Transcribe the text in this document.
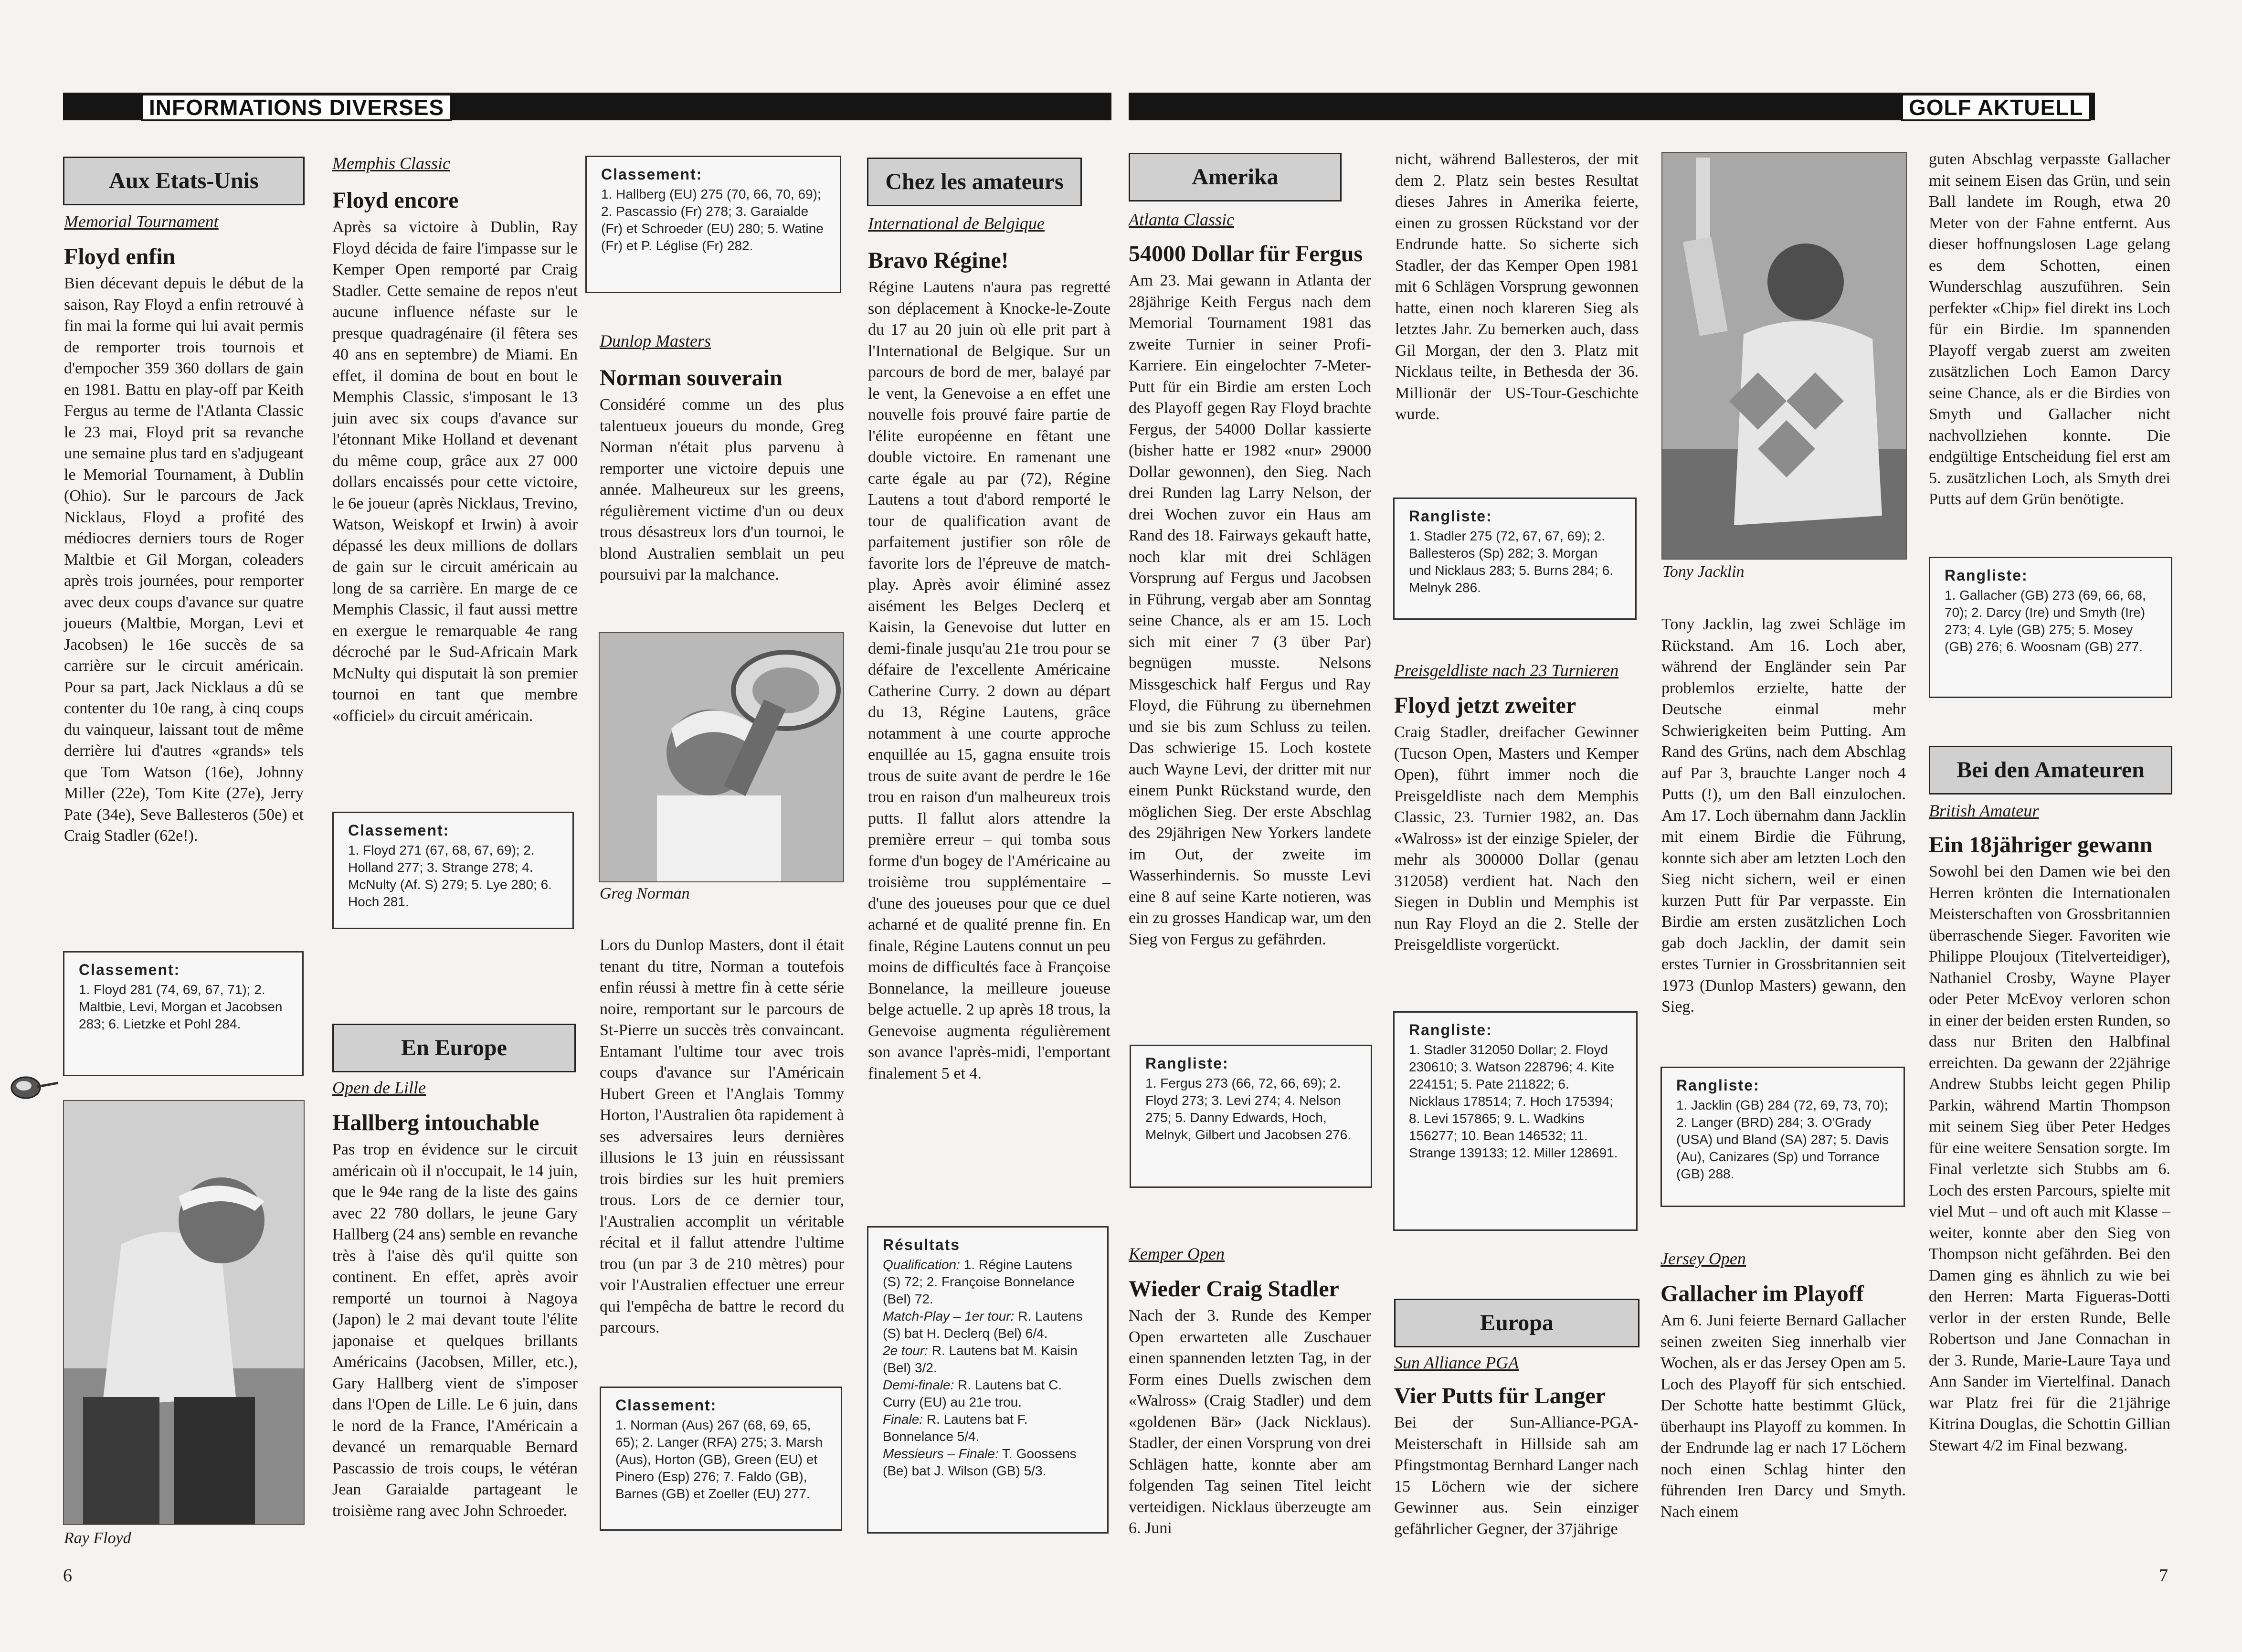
INFORMATIONS DIVERSES	GOLF AKTUELL
Aux Etats-Unis
Memorial Tournament
Floyd enfin

Bien décevant depuis le début de la saison, Ray Floyd a enfin retrouvé à fin mai la forme qui lui avait permis de remporter trois tournois et d'empocher 359 360 dollars de gain en 1981. Battu en play-off par Keith Fergus au terme de l'Atlanta Classic le 23 mai, Floyd prit sa revanche une semaine plus tard en s'adjugeant le Memorial Tournament, à Dublin (Ohio). Sur le parcours de Jack Nicklaus, Floyd a profité des médiocres derniers tours de Roger Maltbie et Gil Morgan, coleaders après trois journées, pour remporter avec deux coups d'avance sur quatre joueurs (Maltbie, Morgan, Levi et Jacobsen) le 16e succès de sa carrière sur le circuit américain. Pour sa part, Jack Nicklaus a dû se contenter du 10e rang, à cinq coups du vainqueur, laissant tout de même derrière lui d'autres «grands» tels que Tom Watson (16e), Johnny Miller (22e), Tom Kite (27e), Jerry Pate (34e), Seve Ballesteros (50e) et Craig Stadler (62e!).

Classement:
1. Floyd 281 (74, 69, 67, 71); 2. Maltbie, Levi, Morgan et Jacobsen 283; 6. Lietzke et Pohl 284.
Ray Floyd
Memphis Classic
Floyd encore

Après sa victoire à Dublin, Ray Floyd décida de faire l'impasse sur le Kemper Open remporté par Craig Stadler. Cette semaine de repos n'eut aucune influence néfaste sur le presque quadragénaire (il fêtera ses 40 ans en septembre) de Miami. En effet, il domina de bout en bout le Memphis Classic, s'imposant le 13 juin avec six coups d'avance sur l'étonnant Mike Holland et devenant du même coup, grâce aux 27 000 dollars encaissés pour cette victoire, le 6e joueur (après Nicklaus, Trevino, Watson, Weiskopf et Irwin) à avoir dépassé les deux millions de dollars de gain sur le circuit américain au long de sa carrière. En marge de ce Memphis Classic, il faut aussi mettre en exergue le remarquable 4e rang décroché par le Sud-Africain Mark McNulty qui disputait là son premier tournoi en tant que membre «officiel» du circuit américain.

Classement:
1. Floyd 271 (67, 68, 67, 69); 2. Holland 277; 3. Strange 278; 4. McNulty (Af. S) 279; 5. Lye 280; 6. Hoch 281.
En Europe
Open de Lille
Hallberg intouchable

Pas trop en évidence sur le circuit américain où il n'occupait, le 14 juin, que le 94e rang de la liste des gains avec 22 780 dollars, le jeune Gary Hallberg (24 ans) semble en revanche très à l'aise dès qu'il quitte son continent. En effet, après avoir remporté un tournoi à Nagoya (Japon) le 2 mai devant toute l'élite japonaise et quelques brillants Américains (Jacobsen, Miller, etc.), Gary Hallberg vient de s'imposer dans l'Open de Lille. Le 6 juin, dans le nord de la France, l'Américain a devancé un remarquable Bernard Pascassio de trois coups, le vétéran Jean Garaialde partageant le troisième rang avec John Schroeder.

Classement:
1. Hallberg (EU) 275 (70, 66, 70, 69); 2. Pascassio (Fr) 278; 3. Garaialde (Fr) et Schroeder (EU) 280; 5. Watine (Fr) et P. Léglise (Fr) 282.
Dunlop Masters
Norman souverain

Considéré comme un des plus talentueux joueurs du monde, Greg Norman n'était plus parvenu à remporter une victoire depuis une année. Malheureux sur les greens, régulièrement victime d'un ou deux trous désastreux lors d'un tournoi, le blond Australien semblait un peu poursuivi par la malchance.

Greg Norman

Lors du Dunlop Masters, dont il était tenant du titre, Norman a toutefois enfin réussi à mettre fin à cette série noire, remportant sur le parcours de St-Pierre un succès très convaincant. Entamant l'ultime tour avec trois coups d'avance sur l'Américain Hubert Green et l'Anglais Tommy Horton, l'Australien ôta rapidement à ses adversaires leurs dernières illusions le 13 juin en réussissant trois birdies sur les huit premiers trous. Lors de ce dernier tour, l'Australien accomplit un véritable récital et il fallut attendre l'ultime trou (un par 3 de 210 mètres) pour voir l'Australien effectuer une erreur qui l'empêcha de battre le record du parcours.

Classement:
1. Norman (Aus) 267 (68, 69, 65, 65); 2. Langer (RFA) 275; 3. Marsh (Aus), Horton (GB), Green (EU) et Pinero (Esp) 276; 7. Faldo (GB), Barnes (GB) et Zoeller (EU) 277.
Chez les amateurs
International de Belgique
Bravo Régine!

Régine Lautens n'aura pas regretté son déplacement à Knocke-le-Zoute du 17 au 20 juin où elle prit part à l'International de Belgique. Sur un parcours de bord de mer, balayé par le vent, la Genevoise a en effet une nouvelle fois prouvé faire partie de l'élite européenne en fêtant une double victoire. En ramenant une carte égale au par (72), Régine Lautens a tout d'abord remporté le tour de qualification avant de parfaitement justifier son rôle de favorite lors de l'épreuve de match-play. Après avoir éliminé assez aisément les Belges Declerq et Kaisin, la Genevoise dut lutter en demi-finale jusqu'au 21e trou pour se défaire de l'excellente Américaine Catherine Curry. 2 down au départ du 13, Régine Lautens, grâce notamment à une courte approche enquillée au 15, gagna ensuite trois trous de suite avant de perdre le 16e trou en raison d'un malheureux trois putts. Il fallut alors attendre la première erreur – qui tomba sous forme d'un bogey de l'Américaine au troisième trou supplémentaire – d'une des joueuses pour que ce duel acharné et de qualité prenne fin. En finale, Régine Lautens connut un peu moins de difficultés face à Françoise Bonnelance, la meilleure joueuse belge actuelle. 2 up après 18 trous, la Genevoise augmenta régulièrement son avance l'après-midi, l'emportant finalement 5 et 4.

Résultats
Qualification: 1. Régine Lautens (S) 72; 2. Françoise Bonnelance (Bel) 72.
Match-Play – 1er tour: R. Lautens (S) bat H. Declerq (Bel) 6/4.
2e tour: R. Lautens bat M. Kaisin (Bel) 3/2.
Demi-finale: R. Lautens bat C. Curry (EU) au 21e trou.
Finale: R. Lautens bat F. Bonnelance 5/4.
Messieurs – Finale: T. Goossens (Be) bat J. Wilson (GB) 5/3.
6
Amerika
Atlanta Classic
54000 Dollar für Fergus

Am 23. Mai gewann in Atlanta der 28jährige Keith Fergus nach dem Memorial Tournament 1981 das zweite Turnier in seiner Profi-Karriere. Ein eingelochter 7-Meter-Putt für ein Birdie am ersten Loch des Playoff gegen Ray Floyd brachte Fergus, der 54000 Dollar kassierte (bisher hatte er 1982 «nur» 29000 Dollar gewonnen), den Sieg. Nach drei Runden lag Larry Nelson, der drei Wochen zuvor ein Haus am Rand des 18. Fairways gekauft hatte, noch klar mit drei Schlägen Vorsprung auf Fergus und Jacobsen in Führung, vergab aber am Sonntag seine Chance, als er am 15. Loch sich mit einer 7 (3 über Par) begnügen musste. Nelsons Missgeschick half Fergus und Ray Floyd, die Führung zu übernehmen und sie bis zum Schluss zu teilen. Das schwierige 15. Loch kostete auch Wayne Levi, der dritter mit nur einem Punkt Rückstand wurde, den möglichen Sieg. Der erste Abschlag des 29jährigen New Yorkers landete im Out, der zweite im Wasserhindernis. So musste Levi eine 8 auf seine Karte notieren, was ein zu grosses Handicap war, um den Sieg von Fergus zu gefährden.

Rangliste:
1. Fergus 273 (66, 72, 66, 69); 2. Floyd 273; 3. Levi 274; 4. Nelson 275; 5. Danny Edwards, Hoch, Melnyk, Gilbert und Jacobsen 276.
Kemper Open
Wieder Craig Stadler

Nach der 3. Runde des Kemper Open erwarteten alle Zuschauer einen spannenden letzten Tag, in der Form eines Duells zwischen dem «Walross» (Craig Stadler) und dem «goldenen Bär» (Jack Nicklaus). Stadler, der einen Vorsprung von drei Schlägen hatte, konnte aber am folgenden Tag seinen Titel leicht verteidigen. Nicklaus überzeugte am 6. Juni

nicht, während Ballesteros, der mit dem 2. Platz sein bestes Resultat dieses Jahres in Amerika feierte, einen zu grossen Rückstand vor der Endrunde hatte. So sicherte sich Stadler, der das Kemper Open 1981 mit 6 Schlägen Vorsprung gewonnen hatte, einen noch klareren Sieg als letztes Jahr. Zu bemerken auch, dass Gil Morgan, der den 3. Platz mit Nicklaus teilte, in Bethesda der 36. Millionär der US-Tour-Geschichte wurde.

Rangliste:
1. Stadler 275 (72, 67, 67, 69); 2. Ballesteros (Sp) 282; 3. Morgan und Nicklaus 283; 5. Burns 284; 6. Melnyk 286.
Preisgeldliste nach 23 Turnieren
Floyd jetzt zweiter

Craig Stadler, dreifacher Gewinner (Tucson Open, Masters und Kemper Open), führt immer noch die Preisgeldliste nach dem Memphis Classic, 23. Turnier 1982, an. Das «Walross» ist der einzige Spieler, der mehr als 300000 Dollar (genau 312058) verdient hat. Nach den Siegen in Dublin und Memphis ist nun Ray Floyd an die 2. Stelle der Preisgeldliste vorgerückt.

Rangliste:
1. Stadler 312050 Dollar; 2. Floyd 230610; 3. Watson 228796; 4. Kite 224151; 5. Pate 211822; 6. Nicklaus 178514; 7. Hoch 175394; 8. Levi 157865; 9. L. Wadkins 156277; 10. Bean 146532; 11. Strange 139133; 12. Miller 128691.
Europa
Sun Alliance PGA
Vier Putts für Langer

Bei der Sun-Alliance-PGA-Meisterschaft in Hillside sah am Pfingstmontag Bernhard Langer nach 15 Löchern wie der sichere Gewinner aus. Sein einziger gefährlicher Gegner, der 37jährige

Tony Jacklin

Tony Jacklin, lag zwei Schläge im Rückstand. Am 16. Loch aber, während der Engländer sein Par problemlos erzielte, hatte der Deutsche einmal mehr Schwierigkeiten beim Putting. Am Rand des Grüns, nach dem Abschlag auf Par 3, brauchte Langer noch 4 Putts (!), um den Ball einzulochen. Am 17. Loch übernahm dann Jacklin mit einem Birdie die Führung, konnte sich aber am letzten Loch den Sieg nicht sichern, weil er einen kurzen Putt für Par verpasste. Ein Birdie am ersten zusätzlichen Loch gab doch Jacklin, der damit sein erstes Turnier in Grossbritannien seit 1973 (Dunlop Masters) gewann, den Sieg.

Rangliste:
1. Jacklin (GB) 284 (72, 69, 73, 70); 2. Langer (BRD) 284; 3. O'Grady (USA) und Bland (SA) 287; 5. Davis (Au), Canizares (Sp) und Torrance (GB) 288.
Jersey Open
Gallacher im Playoff

Am 6. Juni feierte Bernard Gallacher seinen zweiten Sieg innerhalb vier Wochen, als er das Jersey Open am 5. Loch des Playoff für sich entschied. Der Schotte hatte bestimmt Glück, überhaupt ins Playoff zu kommen. In der Endrunde lag er nach 17 Löchern noch einen Schlag hinter den führenden Iren Darcy und Smyth. Nach einem

guten Abschlag verpasste Gallacher mit seinem Eisen das Grün, und sein Ball landete im Rough, etwa 20 Meter von der Fahne entfernt. Aus dieser hoffnungslosen Lage gelang es dem Schotten, einen Wunderschlag auszuführen. Sein perfekter «Chip» fiel direkt ins Loch für ein Birdie. Im spannenden Playoff vergab zuerst am zweiten zusätzlichen Loch Eamon Darcy seine Chance, als er die Birdies von Smyth und Gallacher nicht nachvollziehen konnte. Die endgültige Entscheidung fiel erst am 5. zusätzlichen Loch, als Smyth drei Putts auf dem Grün benötigte.

Rangliste:
1. Gallacher (GB) 273 (69, 66, 68, 70); 2. Darcy (Ire) und Smyth (Ire) 273; 4. Lyle (GB) 275; 5. Mosey (GB) 276; 6. Woosnam (GB) 277.
Bei den Amateuren
British Amateur
Ein 18jähriger gewann

Sowohl bei den Damen wie bei den Herren krönten die Internationalen Meisterschaften von Grossbritannien überraschende Sieger. Favoriten wie Philippe Ploujoux (Titelverteidiger), Nathaniel Crosby, Wayne Player oder Peter McEvoy verloren schon in einer der beiden ersten Runden, so dass nur Briten den Halbfinal erreichten. Da gewann der 22jährige Andrew Stubbs leicht gegen Philip Parkin, während Martin Thompson mit seinem Sieg über Peter Hedges für eine weitere Sensation sorgte. Im Final verletzte sich Stubbs am 6. Loch des ersten Parcours, spielte mit viel Mut – und oft auch mit Klasse – weiter, konnte aber den Sieg von Thompson nicht gefährden. Bei den Damen ging es ähnlich zu wie bei den Herren: Marta Figueras-Dotti verlor in der ersten Runde, Belle Robertson und Jane Connachan in der 3. Runde, Marie-Laure Taya und Ann Sander im Viertelfinal. Danach war Platz frei für die 21jährige Kitrina Douglas, die Schottin Gillian Stewart 4/2 im Final bezwang.

7
